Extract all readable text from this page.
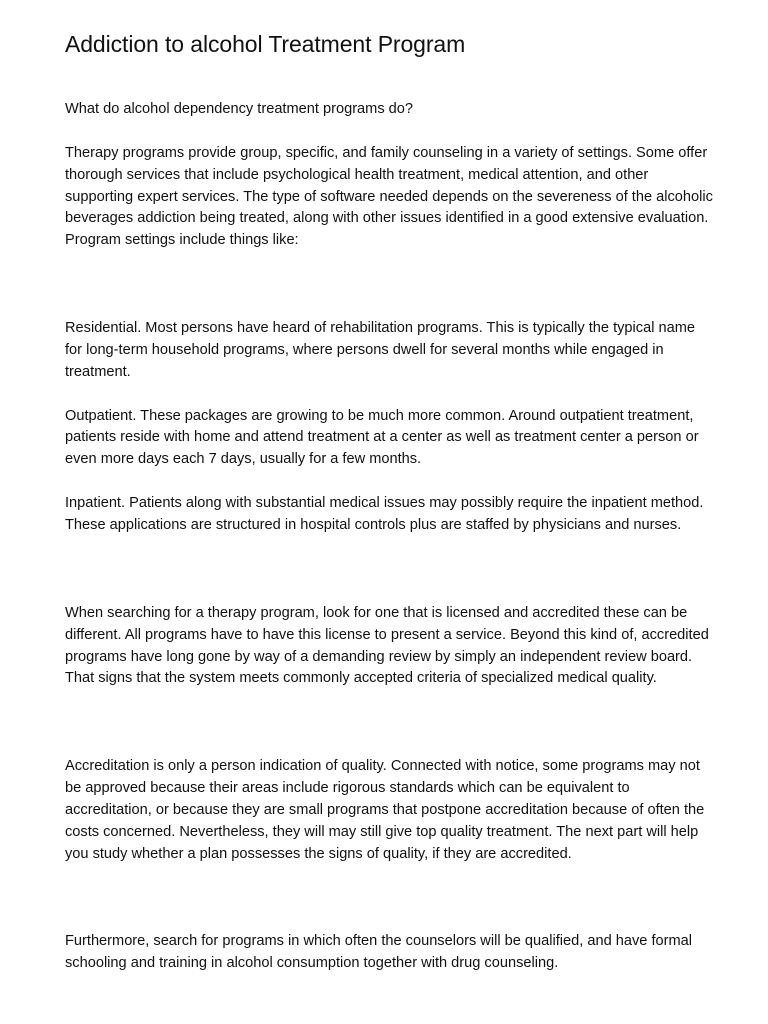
Addiction to alcohol Treatment Program

What do alcohol dependency treatment programs do?

Therapy programs provide group, specific, and family counseling in a variety of settings. Some offer thorough services that include psychological health treatment, medical attention, and other supporting expert services. The type of software needed depends on the severeness of the alcoholic beverages addiction being treated, along with other issues identified in a good extensive evaluation. Program settings include things like:

Residential. Most persons have heard of rehabilitation programs. This is typically the typical name for long-term household programs, where persons dwell for several months while engaged in treatment.

Outpatient. These packages are growing to be much more common. Around outpatient treatment, patients reside with home and attend treatment at a center as well as treatment center a person or even more days each 7 days, usually for a few months.

Inpatient. Patients along with substantial medical issues may possibly require the inpatient method. These applications are structured in hospital controls plus are staffed by physicians and nurses.

When searching for a therapy program, look for one that is licensed and accredited these can be different. All programs have to have this license to present a service. Beyond this kind of, accredited programs have long gone by way of a demanding review by simply an independent review board. That signs that the system meets commonly accepted criteria of specialized medical quality.

Accreditation is only a person indication of quality. Connected with notice, some programs may not be approved because their areas include rigorous standards which can be equivalent to accreditation, or because they are small programs that postpone accreditation because of often the costs concerned. Nevertheless, they will may still give top quality treatment. The next part will help you study whether a plan possesses the signs of quality, if they are accredited.

Furthermore, search for programs in which often the counselors will be qualified, and have formal schooling and training in alcohol consumption together with drug counseling.
